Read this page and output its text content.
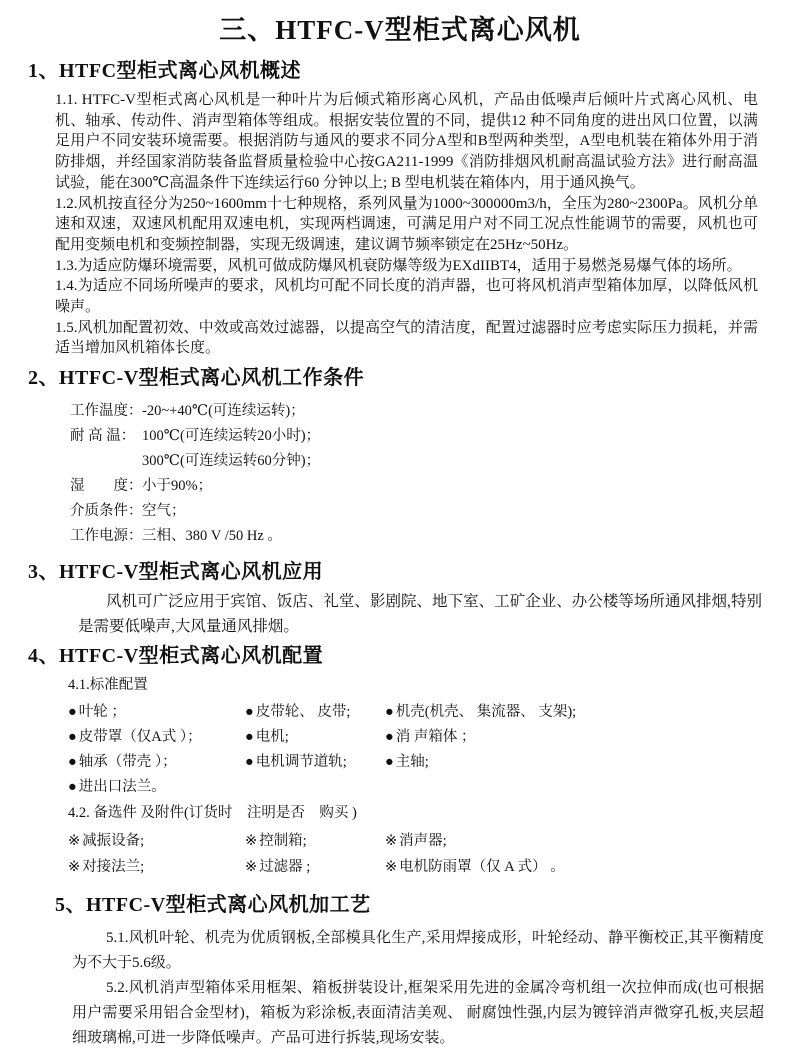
三、HTFC-V型柜式离心风机
1、HTFC型柜式离心风机概述

1.1. HTFC-V型柜式离心风机是一种叶片为后倾式箱形离心风机，产品由低噪声后倾叶片式离心风机、电机、轴承、传动件、消声型箱体等组成。根据安装位置的不同，提供12 种不同角度的进出风口位置，以满足用户不同安装环境需要。根据消防与通风的要求不同分A型和B型两种类型，A型电机装在箱体外用于消防排烟，并经国家消防装备监督质量检验中心按GA211-1999《消防排烟风机耐高温试验方法》进行耐高温试验，能在300℃高温条件下连续运行60 分钟以上; B 型电机装在箱体内，用于通风换气。

1.2.风机按直径分为250~1600mm十七种规格，系列风量为1000~300000m3/h，全压为280~2300Pa。风机分单速和双速，双速风机配用双速电机，实现两档调速，可满足用户对不同工况点性能调节的需要，风机也可配用变频电机和变频控制器，实现无级调速，建议调节频率锁定在25Hz~50Hz。

1.3.为适应防爆环境需要，风机可做成防爆风机衰防爆等级为EXdIIBT4，适用于易燃尧易爆气体的场所。

1.4.为适应不同场所噪声的要求，风机均可配不同长度的消声器，也可将风机消声型箱体加厚，以降低风机噪声。

1.5.风机加配置初效、中效或高效过滤器，以提高空气的清洁度，配置过滤器时应考虑实际压力损耗，并需适当增加风机箱体长度。

2、HTFC-V型柜式离心风机工作条件
工作温度： -20~+40℃(可连续运转)；
耐 高 温： 100℃(可连续运转20小时)；
300℃(可连续运转60分钟)；
湿　　度： 小于90%；
介质条件： 空气；
工作电源： 三相、380 V /50 Hz 。
3、HTFC-V型柜式离心风机应用

风机可广泛应用于宾馆、饭店、礼堂、影剧院、地下室、工矿企业、办公楼等场所通风排烟,特别是需要低噪声,大风量通风排烟。

4、HTFC-V型柜式离心风机配置
4.1.标准配置
● 叶轮 ；	● 皮带轮、 皮带;	● 机壳(机壳、 集流器、 支架);
● 皮带罩（仅A式 ）；	● 电机;	● 消 声箱体 ；
● 轴承（带壳 ）；	● 电机调节道轨;	● 主轴;
● 进出口法兰。
4.2. 备选件 及附件(订货时　注明是否　购买 )
※ 减振设备;	※ 控制箱;	※ 消声器;
※ 对接法兰;	※ 过滤器 ;	※ 电机防雨罩（仅 A 式） 。
5、HTFC-V型柜式离心风机加工艺

5.1.风机叶轮、机壳为优质钢板,全部模具化生产,采用焊接成形，叶轮经动、静平衡校正,其平衡精度为不大于5.6级。

5.2.风机消声型箱体采用框架、箱板拼装设计,框架采用先进的金属冷弯机组一次拉伸而成(也可根据用户需要采用铝合金型材)，箱板为彩涂板,表面清洁美观、 耐腐蚀性强,内层为镀锌消声微穿孔板,夹层超细玻璃棉,可进一步降低噪声。产品可进行拆装,现场安装。
